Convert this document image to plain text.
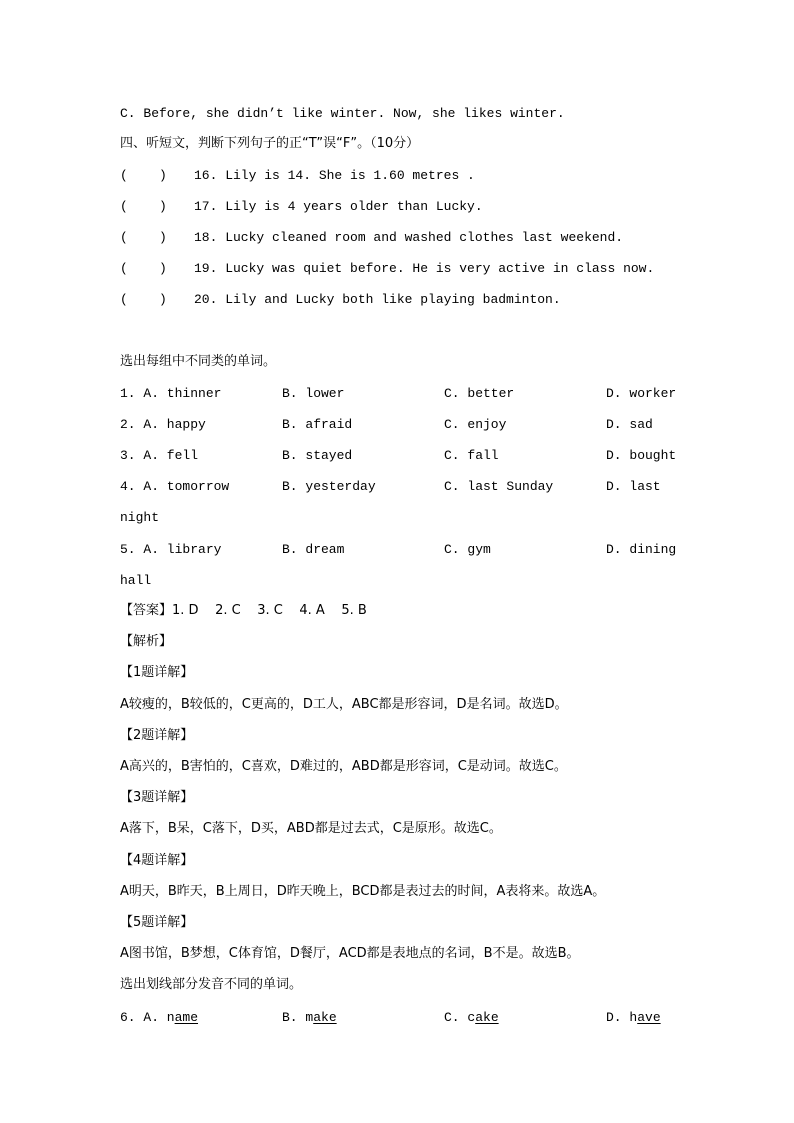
C. Before, she didn’t like winter. Now, she likes winter.
四、听短文，判断下列句子的正“T”误“F”。（10分）
(    ) 16. Lily is 14. She is 1.60 metres .
(    ) 17. Lily is 4 years older than Lucky.
(    ) 18. Lucky cleaned room and washed clothes last weekend.
(    ) 19. Lucky was quiet before. He is very active in class now.
(    ) 20. Lily and Lucky both like playing badminton.
选出每组中不同类的单词。
1. A. thinner	B. lower	C. better	D. worker
2. A. happy	B. afraid	C. enjoy	D. sad
3. A. fell	B. stayed	C. fall	D. bought
4. A. tomorrow	B. yesterday	C. last Sunday	D. last
night
5. A. library	B. dream	C. gym	D. dining
hall
【答案】1. D    2. C    3. C    4. A    5. B
【解析】
【1题详解】
A较瘦的，B较低的，C更高的，D工人，ABC都是形容词，D是名词。故选D。
【2题详解】
A高兴的，B害怕的，C喜欢，D难过的，ABD都是形容词，C是动词。故选C。
【3题详解】
A落下，B呆，C落下，D买，ABD都是过去式，C是原形。故选C。
【4题详解】
A明天，B昨天，B上周日，D昨天晚上，BCD都是表过去的时间，A表将来。故选A。
【5题详解】
A图书馆，B梦想，C体育馆，D餐厅，ACD都是表地点的名词，B不是。故选B。
选出划线部分发音不同的单词。
6. A. name	B. make	C. cake	D. have
